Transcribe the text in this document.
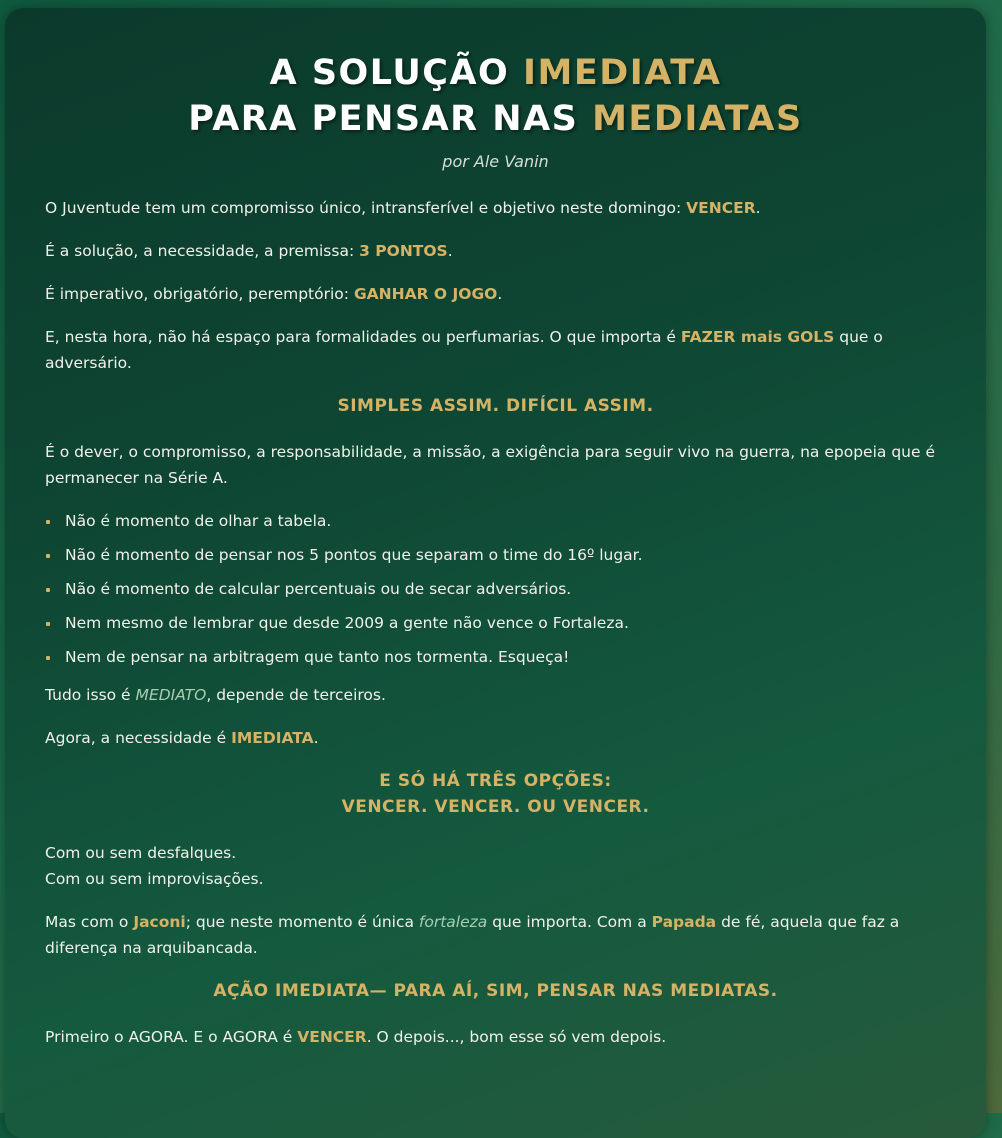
A SOLUÇÃO IMEDIATA
PARA PENSAR NAS MEDIATAS
por Ale Vanin

O Juventude tem um compromisso único, intransferível e objetivo neste domingo: VENCER.

É a solução, a necessidade, a premissa: 3 PONTOS.

É imperativo, obrigatório, peremptório: GANHAR O JOGO.

E, nesta hora, não há espaço para formalidades ou perfumarias. O que importa é FAZER mais GOLS que o adversário.

SIMPLES ASSIM. DIFÍCIL ASSIM.

É o dever, o compromisso, a responsabilidade, a missão, a exigência para seguir vivo na guerra, na epopeia que é permanecer na Série A.

Não é momento de olhar a tabela.
Não é momento de pensar nos 5 pontos que separam o time do 16º lugar.
Não é momento de calcular percentuais ou de secar adversários.
Nem mesmo de lembrar que desde 2009 a gente não vence o Fortaleza.
Nem de pensar na arbitragem que tanto nos tormenta. Esqueça!

Tudo isso é MEDIATO, depende de terceiros.

Agora, a necessidade é IMEDIATA.

E SÓ HÁ TRÊS OPÇÕES:
VENCER. VENCER. OU VENCER.

Com ou sem desfalques.
Com ou sem improvisações.

Mas com o Jaconi; que neste momento é única fortaleza que importa. Com a Papada de fé, aquela que faz a diferença na arquibancada.

AÇÃO IMEDIATA— PARA AÍ, SIM, PENSAR NAS MEDIATAS.

Primeiro o AGORA. E o AGORA é VENCER. O depois..., bom esse só vem depois.
